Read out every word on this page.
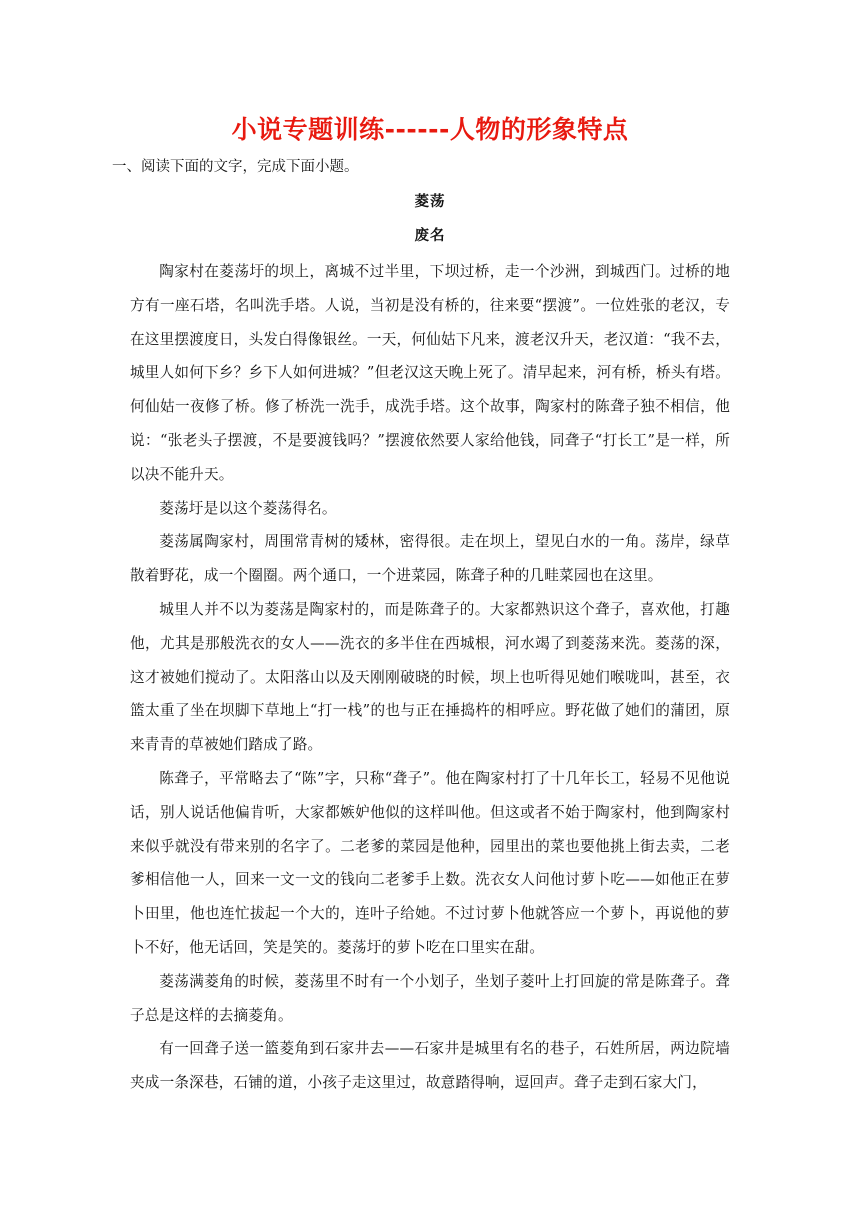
小说专题训练------人物的形象特点
一、阅读下面的文字，完成下面小题。
菱荡
废名

陶家村在菱荡圩的坝上，离城不过半里，下坝过桥，走一个沙洲，到城西门。过桥的地方有一座石塔，名叫洗手塔。人说，当初是没有桥的，往来要“摆渡”。一位姓张的老汉，专在这里摆渡度日，头发白得像银丝。一天，何仙姑下凡来，渡老汉升天，老汉道：“我不去，城里人如何下乡？乡下人如何进城？”但老汉这天晚上死了。清早起来，河有桥，桥头有塔。何仙姑一夜修了桥。修了桥洗一洗手，成洗手塔。这个故事，陶家村的陈聋子独不相信，他说：“张老头子摆渡，不是要渡钱吗？”摆渡依然要人家给他钱，同聋子“打长工”是一样，所以决不能升天。

菱荡圩是以这个菱荡得名。

菱荡属陶家村，周围常青树的矮林，密得很。走在坝上，望见白水的一角。荡岸，绿草散着野花，成一个圈圈。两个通口，一个进菜园，陈聋子种的几畦菜园也在这里。

城里人并不以为菱荡是陶家村的，而是陈聋子的。大家都熟识这个聋子，喜欢他，打趣他，尤其是那般洗衣的女人——洗衣的多半住在西城根，河水竭了到菱荡来洗。菱荡的深，这才被她们搅动了。太阳落山以及天刚刚破晓的时候，坝上也听得见她们喉咙叫，甚至，衣篮太重了坐在坝脚下草地上“打一栈”的也与正在捶捣杵的相呼应。野花做了她们的蒲团，原来青青的草被她们踏成了路。

陈聋子，平常略去了“陈”字，只称“聋子”。他在陶家村打了十几年长工，轻易不见他说话，别人说话他偏肯听，大家都嫉妒他似的这样叫他。但这或者不始于陶家村，他到陶家村来似乎就没有带来别的名字了。二老爹的菜园是他种，园里出的菜也要他挑上街去卖，二老爹相信他一人，回来一文一文的钱向二老爹手上数。洗衣女人问他讨萝卜吃——如他正在萝卜田里，他也连忙拔起一个大的，连叶子给她。不过讨萝卜他就答应一个萝卜，再说他的萝卜不好，他无话回，笑是笑的。菱荡圩的萝卜吃在口里实在甜。

菱荡满菱角的时候，菱荡里不时有一个小划子，坐划子菱叶上打回旋的常是陈聋子。聋子总是这样的去摘菱角。

有一回聋子送一篮菱角到石家井去——石家井是城里有名的巷子，石姓所居，两边院墙夹成一条深巷，石铺的道，小孩子走这里过，故意踏得响，逗回声。聋子走到石家大门，
